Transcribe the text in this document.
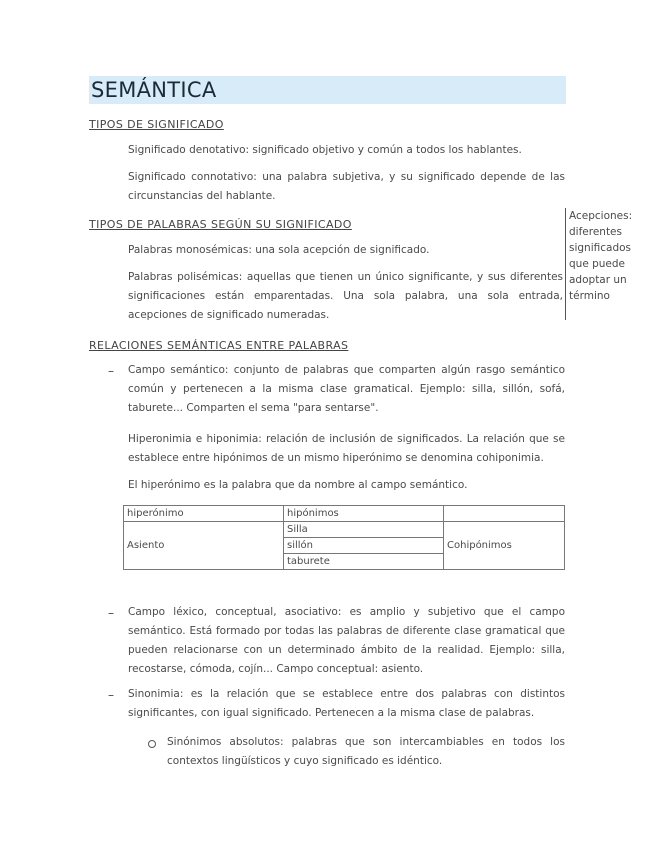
SEMÁNTICA
TIPOS DE SIGNIFICADO

Significado denotativo: significado objetivo y común a todos los hablantes.

Significado connotativo: una palabra subjetiva, y su significado depende de las circunstancias del hablante.

TIPOS DE PALABRAS SEGÚN SU SIGNIFICADO

Palabras monosémicas: una sola acepción de significado.

Palabras polisémicas: aquellas que tienen un único significante, y sus diferentes significaciones están emparentadas. Una sola palabra, una sola entrada, acepciones de significado numeradas.

Acepciones: diferentes significados que puede adoptar un término
RELACIONES SEMÁNTICAS ENTRE PALABRAS
– Campo semántico: conjunto de palabras que comparten algún rasgo semántico común y pertenecen a la misma clase gramatical. Ejemplo: silla, sillón, sofá, taburete... Comparten el sema "para sentarse".

Hiperonimia e hiponimia: relación de inclusión de significados. La relación que se establece entre hipónimos de un mismo hiperónimo se denomina cohiponimia.

El hiperónimo es la palabra que da nombre al campo semántico.

hiperónimo	hipónimos	
Asiento	Silla	Cohipónimos
	sillón	
	taburete	
– Campo léxico, conceptual, asociativo: es amplio y subjetivo que el campo semántico. Está formado por todas las palabras de diferente clase gramatical que pueden relacionarse con un determinado ámbito de la realidad. Ejemplo: silla, recostarse, cómoda, cojín... Campo conceptual: asiento.

– Sinonimia: es la relación que se establece entre dos palabras con distintos significantes, con igual significado. Pertenecen a la misma clase de palabras.

Sinónimos absolutos: palabras que son intercambiables en todos los contextos lingüísticos y cuyo significado es idéntico.
